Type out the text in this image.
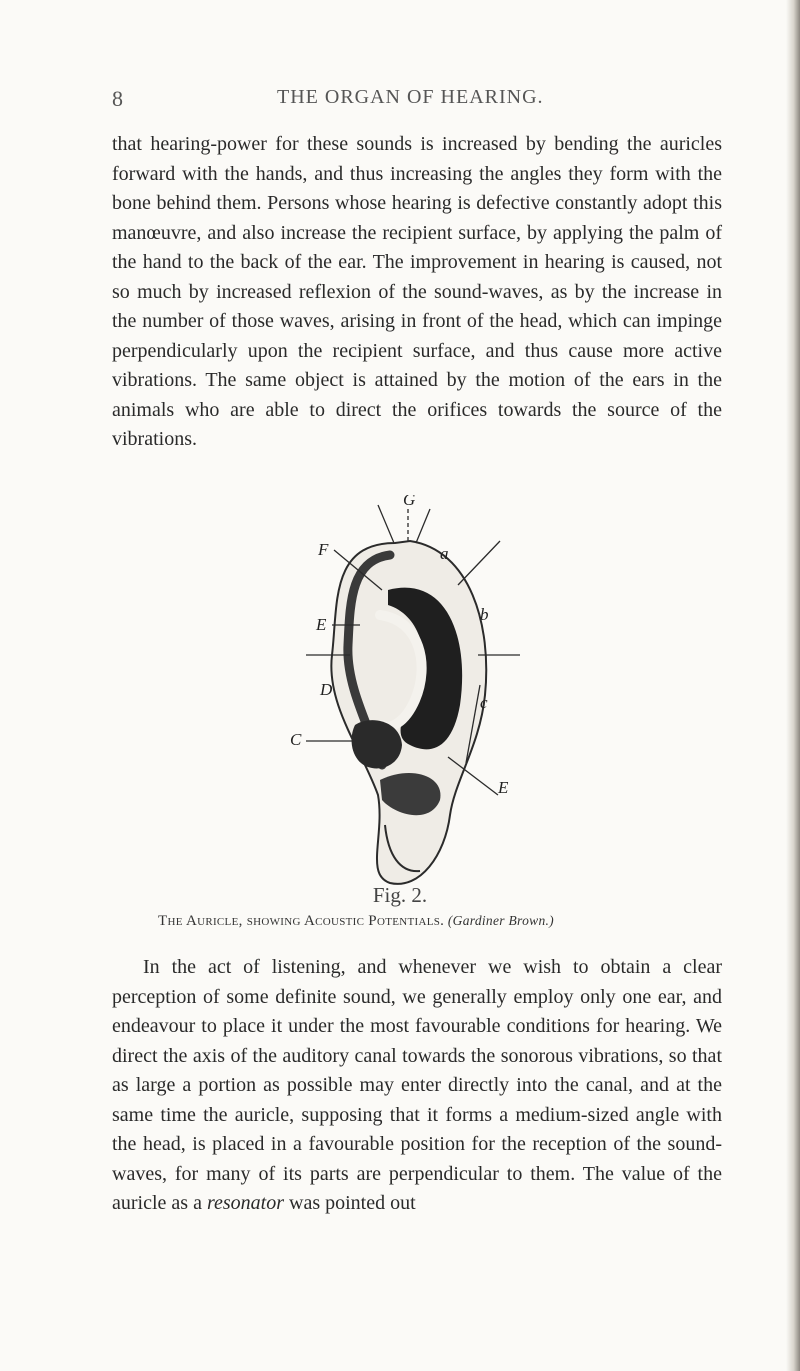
8	THE ORGAN OF HEARING.

that hearing-power for these sounds is increased by bending the auricles forward with the hands, and thus increasing the angles they form with the bone behind them. Persons whose hearing is defective constantly adopt this manœuvre, and also increase the recipient surface, by applying the palm of the hand to the back of the ear. The improvement in hearing is caused, not so much by increased reflexion of the sound-waves, as by the increase in the number of those waves, arising in front of the head, which can impinge perpendicularly upon the recipient surface, and thus cause more active vibrations. The same object is attained by the motion of the ears in the animals who are able to direct the orifices towards the source of the vibrations.

G
F	a
E
b
D
c
C
E
Fig. 2.
The Auricle, showing Acoustic Potentials. (Gardiner Brown.)

In the act of listening, and whenever we wish to obtain a clear perception of some definite sound, we generally employ only one ear, and endeavour to place it under the most favourable conditions for hearing. We direct the axis of the auditory canal towards the sonorous vibrations, so that as large a portion as possible may enter directly into the canal, and at the same time the auricle, supposing that it forms a medium-sized angle with the head, is placed in a favourable position for the reception of the sound-waves, for many of its parts are perpendicular to them. The value of the auricle as a resonator was pointed out
